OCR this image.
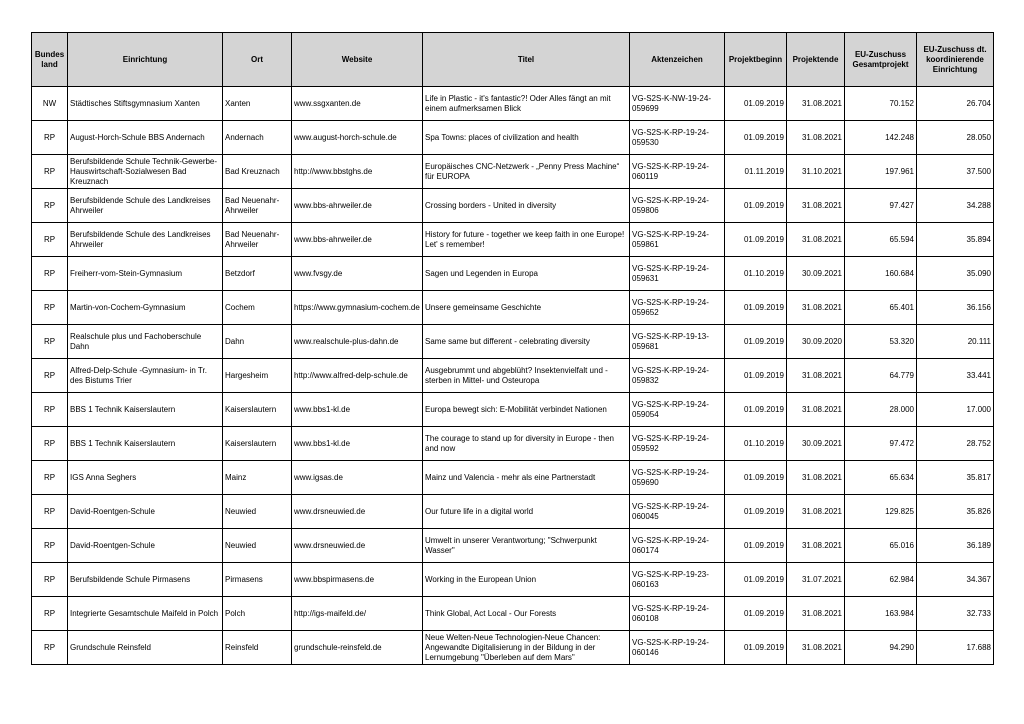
Bundes land	Einrichtung	Ort	Website	Titel	Aktenzeichen	Projektbeginn	Projektende	EU-Zuschuss Gesamtprojekt	EU-Zuschuss dt. koordinierende Einrichtung
NW	Städtisches Stiftsgymnasium Xanten	Xanten	www.ssgxanten.de	Life in Plastic - it's fantastic?! Oder Alles fängt an mit einem aufmerksamen Blick	VG-S2S-K-NW-19-24-059699	01.09.2019	31.08.2021	70.152	26.704
RP	August-Horch-Schule BBS Andernach	Andernach	www.august-horch-schule.de	Spa Towns: places of civilization and health	VG-S2S-K-RP-19-24-059530	01.09.2019	31.08.2021	142.248	28.050
RP	Berufsbildende Schule Technik-Gewerbe-Hauswirtschaft-Sozialwesen Bad Kreuznach	Bad Kreuznach	http://www.bbstghs.de	Europäisches CNC-Netzwerk - „Penny Press Machine“ für EUROPA	VG-S2S-K-RP-19-24-060119	01.11.2019	31.10.2021	197.961	37.500
RP	Berufsbildende Schule des Landkreises Ahrweiler	Bad Neuenahr-Ahrweiler	www.bbs-ahrweiler.de	Crossing borders - United in diversity	VG-S2S-K-RP-19-24-059806	01.09.2019	31.08.2021	97.427	34.288
RP	Berufsbildende Schule des Landkreises Ahrweiler	Bad Neuenahr-Ahrweiler	www.bbs-ahrweiler.de	History for future - together we keep faith in one Europe! Let' s remember!	VG-S2S-K-RP-19-24-059861	01.09.2019	31.08.2021	65.594	35.894
RP	Freiherr-vom-Stein-Gymnasium	Betzdorf	www.fvsgy.de	Sagen und Legenden in Europa	VG-S2S-K-RP-19-24-059631	01.10.2019	30.09.2021	160.684	35.090
RP	Martin-von-Cochem-Gymnasium	Cochem	https://www.gymnasium-cochem.de	Unsere gemeinsame Geschichte	VG-S2S-K-RP-19-24-059652	01.09.2019	31.08.2021	65.401	36.156
RP	Realschule plus und Fachoberschule Dahn	Dahn	www.realschule-plus-dahn.de	Same same but different - celebrating diversity	VG-S2S-K-RP-19-13-059681	01.09.2019	30.09.2020	53.320	20.111
RP	Alfred-Delp-Schule -Gymnasium- in Tr. des Bistums Trier	Hargesheim	http://www.alfred-delp-schule.de	Ausgebrummt und abgeblüht? Insektenvielfalt und -sterben in Mittel- und Osteuropa	VG-S2S-K-RP-19-24-059832	01.09.2019	31.08.2021	64.779	33.441
RP	BBS 1 Technik Kaiserslautern	Kaiserslautern	www.bbs1-kl.de	Europa bewegt sich: E-Mobilität verbindet Nationen	VG-S2S-K-RP-19-24-059054	01.09.2019	31.08.2021	28.000	17.000
RP	BBS 1 Technik Kaiserslautern	Kaiserslautern	www.bbs1-kl.de	The courage to stand up for diversity in Europe - then and now	VG-S2S-K-RP-19-24-059592	01.10.2019	30.09.2021	97.472	28.752
RP	IGS Anna Seghers	Mainz	www.igsas.de	Mainz und Valencia - mehr als eine Partnerstadt	VG-S2S-K-RP-19-24-059690	01.09.2019	31.08.2021	65.634	35.817
RP	David-Roentgen-Schule	Neuwied	www.drsneuwied.de	Our future life in a digital world	VG-S2S-K-RP-19-24-060045	01.09.2019	31.08.2021	129.825	35.826
RP	David-Roentgen-Schule	Neuwied	www.drsneuwied.de	Umwelt in unserer Verantwortung; "Schwerpunkt Wasser"	VG-S2S-K-RP-19-24-060174	01.09.2019	31.08.2021	65.016	36.189
RP	Berufsbildende Schule Pirmasens	Pirmasens	www.bbspirmasens.de	Working in the European Union	VG-S2S-K-RP-19-23-060163	01.09.2019	31.07.2021	62.984	34.367
RP	Integrierte Gesamtschule Maifeld in Polch	Polch	http://igs-maifeld.de/	Think Global, Act Local - Our Forests	VG-S2S-K-RP-19-24-060108	01.09.2019	31.08.2021	163.984	32.733
RP	Grundschule Reinsfeld	Reinsfeld	grundschule-reinsfeld.de	Neue Welten-Neue Technologien-Neue Chancen: Angewandte Digitalisierung in der Bildung in der Lernumgebung "Überleben auf dem Mars"	VG-S2S-K-RP-19-24-060146	01.09.2019	31.08.2021	94.290	17.688
